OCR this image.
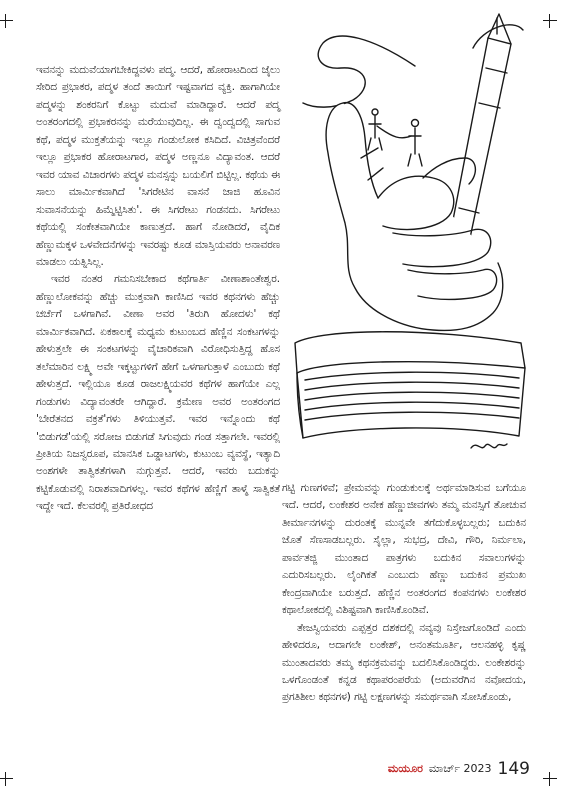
ಇವನನ್ನು ಮದುವೆಯಾಗಬೇಕಿದ್ದವಳು ಪದ್ಮ. ಆದರೆ, ಹೋರಾಟದಿಂದ ಜೈಲು ಸೇರಿದ ಪ್ರಭಾಕರ, ಪದ್ಮಳ ತಂದೆ ತಾಯಿಗೆ ಇಷ್ಟವಾಗದ ವ್ಯಕ್ತಿ. ಹಾಗಾಗಿಯೇ ಪದ್ಮಳನ್ನು ಶಂಕರನಿಗೆ ಕೊಟ್ಟು ಮದುವೆ ಮಾಡಿದ್ದಾರೆ. ಆದರೆ ಪದ್ಮ ಅಂತರಂಗದಲ್ಲಿ ಪ್ರಭಾಕರನನ್ನು ಮರೆಯುವುದಿಲ್ಲ. ಈ ದ್ವಂದ್ವದಲ್ಲಿ ಸಾಗುವ ಕಥೆ, ಪದ್ಮಳ ಮುಕ್ತತೆಯನ್ನು ಇಲ್ಲೂ ಗಂಡುಲೋಕ ಕಸಿದಿದೆ. ವಿಚಿತ್ರವೆಂದರೆ ಇಲ್ಲೂ ಪ್ರಭಾಕರ ಹೋರಾಟಗಾರ, ಪದ್ಮಳ ಅಣ್ಣನೂ ವಿದ್ಯಾವಂತ. ಆದರೆ ಇವರ ಯಾವ ವಿಚಾರಗಳು ಪದ್ಮಳ ಮನಸ್ಸನ್ನು ಬಯಲಿಗೆ ಬಿಟ್ಟಿಲ್ಲ. ಕಥೆಯ ಈ ಸಾಲು ಮಾರ್ಮಿಕವಾಗಿದೆ 'ಸಿಗರೇಟಿನ ವಾಸನೆ ಜಾಜಿ ಹೂವಿನ ಸುವಾಸನೆಯನ್ನು ಹಿಮ್ಮೆಟ್ಟಿಸಿತು'. ಈ ಸಿಗರೇಟು ಗಂಡನದು. ಸಿಗರೇಟು ಕಥೆಯಲ್ಲಿ ಸಂಕೇತವಾಗಿಯೇ ಕಾಣುತ್ತದೆ. ಹಾಗೆ ನೋಡಿದರೆ, ವೈದಿಕ ಹೆಣ್ಣುಮಕ್ಕಳ ಒಳವೇದನೆಗಳನ್ನು ಇವರಷ್ಟು ಕೂಡ ಮಾಸ್ತಿಯವರು ಅನಾವರಣ ಮಾಡಲು ಯತ್ನಿಸಿಲ್ಲ.

ಇವರ ನಂತರ ಗಮನಿಸಬೇಕಾದ ಕಥೆಗಾರ್ತಿ ವೀಣಾಶಾಂತೇಶ್ವರ. ಹೆಣ್ಣುಲೋಕವನ್ನು ಹೆಚ್ಚು ಮುಕ್ತವಾಗಿ ಕಾಣಿಸಿದ ಇವರ ಕಥನಗಳು ಹೆಚ್ಚು ಚರ್ಚೆಗೆ ಒಳಗಾಗಿವೆ. ವೀಣಾ ಅವರ 'ತಿರುಗಿ ಹೋದಳು' ಕಥೆ ಮಾರ್ಮಿಕವಾಗಿದೆ. ಏಕಕಾಲಕ್ಕೆ ಮಧ್ಯಮ ಕುಟುಂಬದ ಹೆಣ್ಣಿನ ಸಂಕಟಗಳನ್ನು ಹೇಳುತ್ತಲೇ ಈ ಸಂಕಟಗಳನ್ನು ವೈಚಾರಿಕವಾಗಿ ವಿರೋಧಿಸುತ್ತಿದ್ದ ಹೊಸ ತಲೆಮಾರಿನ ಲಕ್ಷ್ಮಿ ಅವೇ ಇಕ್ಕಟ್ಟುಗಳಿಗೆ ಹೇಗೆ ಒಳಗಾಗುತ್ತಾಳೆ ಎಂಬುದು ಕಥೆ ಹೇಳುತ್ತದೆ. ಇಲ್ಲಿಯೂ ಕೂಡ ರಾಜಲಕ್ಷ್ಮಿಯವರ ಕಥೆಗಳ ಹಾಗೆಯೇ ಎಲ್ಲ ಗಂಡುಗಳು ವಿದ್ಯಾವಂತರೇ ಆಗಿದ್ದಾರೆ. ಕ್ರಮೇಣ ಅವರ ಅಂತರಂಗದ 'ಬೇರೆತನದ ವಕ್ರತೆ'ಗಳು ತಿಳಿಯುತ್ತವೆ. ಇವರ ಇನ್ನೊಂದು ಕಥೆ 'ಬಿಡುಗಡೆ'ಯಲ್ಲಿ ಸರೋಜ ಬಿಡುಗಡೆ ಸಿಗುವುದು ಗಂಡ ಸತ್ತಾಗಲೇ. ಇವರಲ್ಲಿ ಪ್ರೀತಿಯ ನಿಜಸ್ವರೂಪ, ಮಾನಸಿಕ ಒಡ್ಡಾಟಗಳು, ಕುಟುಂಬ ವ್ಯವಸ್ಥೆ, ಇತ್ಯಾದಿ ಅಂಶಗಳೇ ತಾತ್ವಿಕತೆಗಳಾಗಿ ನುಗ್ಗುತ್ತವೆ. ಆದರೆ, ಇವರು ಬದುಕನ್ನು ಕಟ್ಟಿಕೊಡುವಲ್ಲಿ ನಿರಾಶವಾದಿಗಳಲ್ಲ. ಇವರ ಕಥೆಗಳ ಹೆಣ್ಣಿಗೆ ತಾಳ್ಮೆ ಸಾತ್ವಿಕತೆ ಇದ್ದೇ ಇದೆ. ಕೆಲವರಲ್ಲಿ ಪ್ರತಿರೋಧದ

ಗಟ್ಟಿ ಗುಣಗಳಿವೆ; ಪ್ರೇಮವನ್ನು ಗುಂಡುಕುಲಕ್ಕೆ ಅರ್ಥಮಾಡಿಸುವ ಬಗೆಯೂ ಇದೆ. ಆದರೆ, ಲಂಕೇಶರ ಅನೇಕ ಹೆಣ್ಣುಜೀವಗಳು ತಮ್ಮ ಮನಸ್ಸಿಗೆ ತೋಚುವ ತೀರ್ಮಾನಗಳನ್ನು ದುರಂತಕ್ಕೆ ಮುನ್ನವೇ ತಗೆದುಕೊಳ್ಳಬಲ್ಲರು; ಬದುಕಿನ ಜೊತೆ ಸೆಣಸಾಡಬಲ್ಲರು. ಸೈಲ್ಲಾ, ಸುಭದ್ರ, ದೇವಿ, ಗೌರಿ, ನಿರ್ಮಲಾ, ಪಾರ್ವತಜ್ಜಿ ಮುಂತಾದ ಪಾತ್ರಗಳು ಬದುಕಿನ ಸವಾಲುಗಳನ್ನು ಎದುರಿಸಬಲ್ಲರು. ಲೈಂಗಿಕತೆ ಎಂಬುದು ಹೆಣ್ಣು ಬದುಕಿನ ಪ್ರಮುಖ ಕೇಂದ್ರವಾಗಿಯೇ ಬರುತ್ತದೆ. ಹೆಣ್ಣಿನ ಅಂತರಂಗದ ಕಂಪನಗಳು ಲಂಕೇಶರ ಕಥಾಲೋಕದಲ್ಲಿ ವಿಶಿಷ್ಟವಾಗಿ ಕಾಣಿಸಿಕೊಂಡಿವೆ.

ತೇಜಸ್ವಿಯವರು ಎಪ್ಪತ್ತರ ದಶಕದಲ್ಲಿ ನವ್ಯವು ನಿಸ್ತೇಜಗೊಂಡಿದೆ ಎಂದು ಹೇಳಿದರೂ, ಅದಾಗಲೇ ಲಂಕೇಶ್, ಅನಂತಮೂರ್ತಿ, ಆಲನಹಳ್ಳಿ ಕೃಷ್ಣ ಮುಂತಾದವರು ತಮ್ಮ ಕಥನಕ್ರಮವನ್ನು ಬದಲಿಸಿಕೊಂಡಿದ್ದರು. ಲಂಕೇಶರನ್ನು ಒಳಗೊಂಡಂತೆ ಕನ್ನಡ ಕಥಾಪರಂಪರೆಯ (ಅದುವರೆಗಿನ ನವೋದಯ, ಪ್ರಗತಿಶೀಲ ಕಥನಗಳ) ಗಟ್ಟಿ ಲಕ್ಷಣಗಳನ್ನು ಸಮರ್ಥವಾಗಿ ಸೋಸಿಕೊಂಡು,

ಮಯೂರ ಮಾರ್ಚ್ 2023 149
